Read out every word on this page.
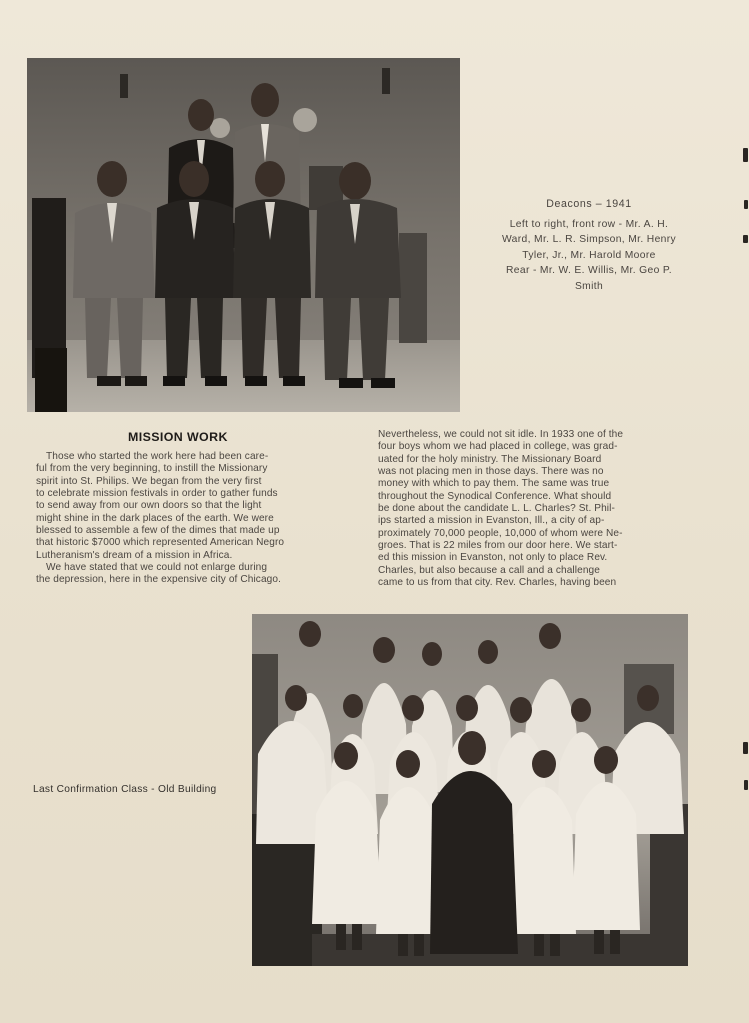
Deacons – 1941
Left to right, front row - Mr. A. H.
Ward, Mr. L. R. Simpson, Mr. Henry
Tyler, Jr., Mr. Harold Moore
Rear - Mr. W. E. Willis, Mr. Geo P.
Smith
MISSION WORK
Those who started the work here had been care-
ful from the very beginning, to instill the Missionary
spirit into St. Philips. We began from the very first
to celebrate mission festivals in order to gather funds
to send away from our own doors so that the light
might shine in the dark places of the earth. We were
blessed to assemble a few of the dimes that made up
that historic $7000 which represented American Negro
Lutheranism's dream of a mission in Africa.
We have stated that we could not enlarge during
the depression, here in the expensive city of Chicago.
Nevertheless, we could not sit idle. In 1933 one of the
four boys whom we had placed in college, was grad-
uated for the holy ministry. The Missionary Board
was not placing men in those days. There was no
money with which to pay them. The same was true
throughout the Synodical Conference. What should
be done about the candidate L. L. Charles? St. Phil-
ips started a mission in Evanston, Ill., a city of ap-
proximately 70,000 people, 10,000 of whom were Ne-
groes. That is 22 miles from our door here. We start-
ed this mission in Evanston, not only to place Rev.
Charles, but also because a call and a challenge
came to us from that city. Rev. Charles, having been
Last Confirmation Class - Old Building
